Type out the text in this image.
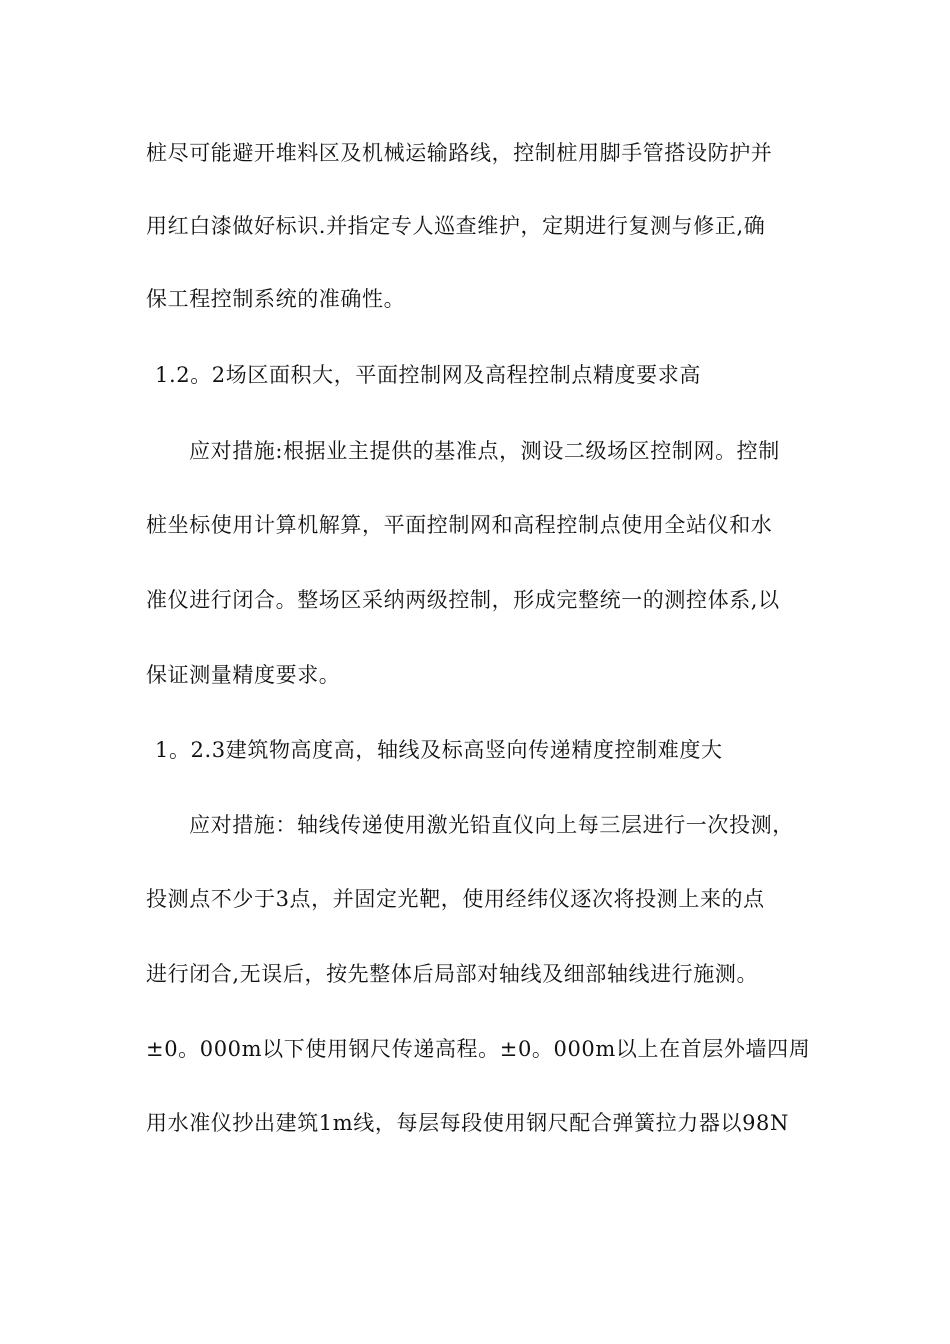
桩尽可能避开堆料区及机械运输路线，控制桩用脚手管搭设防护并
用红白漆做好标识.并指定专人巡查维护，定期进行复测与修正,确
保工程控制系统的准确性。
1.2。2场区面积大，平面控制网及高程控制点精度要求高
应对措施:根据业主提供的基准点，测设二级场区控制网。控制
桩坐标使用计算机解算，平面控制网和高程控制点使用全站仪和水
准仪进行闭合。整场区采纳两级控制，形成完整统一的测控体系,以
保证测量精度要求。
1。2.3建筑物高度高，轴线及标高竖向传递精度控制难度大
应对措施：轴线传递使用激光铅直仪向上每三层进行一次投测，
投测点不少于3点，并固定光靶，使用经纬仪逐次将投测上来的点
进行闭合,无误后，按先整体后局部对轴线及细部轴线进行施测。
±0。000m以下使用钢尺传递高程。±0。000m以上在首层外墙四周
用水准仪抄出建筑1m线，每层每段使用钢尺配合弹簧拉力器以98N
